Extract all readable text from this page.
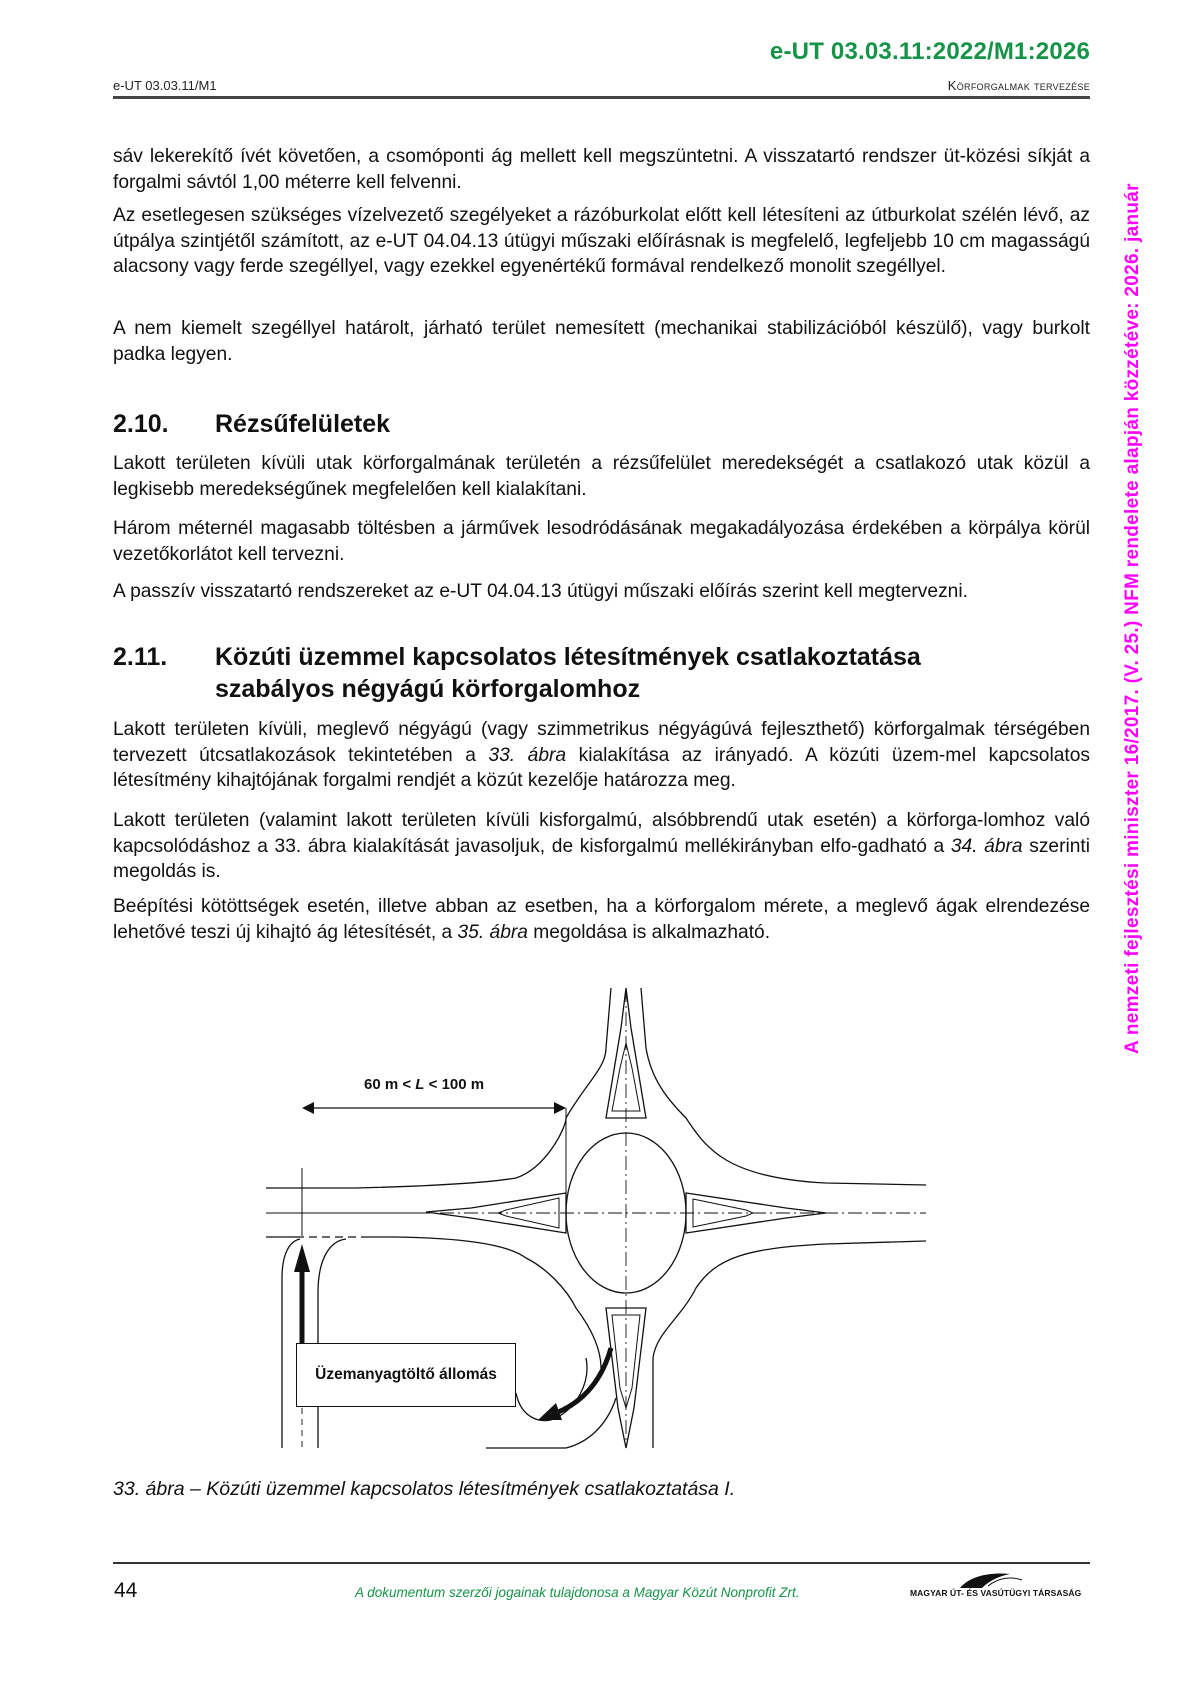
e-UT 03.03.11:2022/M1:2026
e-UT 03.03.11/M1	Körforgalmak tervezése
sáv lekerekítő ívét követően, a csomóponti ág mellett kell megszüntetni. A visszatartó rendszer üt-közési síkját a forgalmi sávtól 1,00 méterre kell felvenni.
Az esetlegesen szükséges vízelvezető szegélyeket a rázóburkolat előtt kell létesíteni az útburkolat szélén lévő, az útpálya szintjétől számított, az e-UT 04.04.13 útügyi műszaki előírásnak is megfelelő, legfeljebb 10 cm magasságú alacsony vagy ferde szegéllyel, vagy ezekkel egyenértékű formával rendelkező monolit szegéllyel.
A nem kiemelt szegéllyel határolt, járható terület nemesített (mechanikai stabilizációból készülő), vagy burkolt padka legyen.
2.10. Rézsűfelületek
Lakott területen kívüli utak körforgalmának területén a rézsűfelület meredekségét a csatlakozó utak közül a legkisebb meredekségűnek megfelelően kell kialakítani.
Három méternél magasabb töltésben a járművek lesodródásának megakadályozása érdekében a körpálya körül vezetőkorlátot kell tervezni.
A passzív visszatartó rendszereket az e-UT 04.04.13 útügyi műszaki előírás szerint kell megtervezni.
2.11. Közúti üzemmel kapcsolatos létesítmények csatlakoztatása
szabályos négyágú körforgalomhoz
Lakott területen kívüli, meglevő négyágú (vagy szimmetrikus négyágúvá fejleszthető) körforgalmak térségében tervezett útcsatlakozások tekintetében a 33. ábra kialakítása az irányadó. A közúti üzem-mel kapcsolatos létesítmény kihajtójának forgalmi rendjét a közút kezelője határozza meg.
Lakott területen (valamint lakott területen kívüli kisforgalmú, alsóbbrendű utak esetén) a körforga-lomhoz való kapcsolódáshoz a 33. ábra kialakítását javasoljuk, de kisforgalmú mellékirányban elfo-gadható a 34. ábra szerinti megoldás is.
Beépítési kötöttségek esetén, illetve abban az esetben, ha a körforgalom mérete, a meglevő ágak elrendezése lehetővé teszi új kihajtó ág létesítését, a 35. ábra megoldása is alkalmazható.
60 m < L < 100 m
Üzemanyagtöltő állomás
33. ábra – Közúti üzemmel kapcsolatos létesítmények csatlakoztatása I.
A nemzeti fejlesztési miniszter 16/2017. (V. 25.) NFM rendelete alapján közzétéve: 2026. január
44	A dokumentum szerzői jogainak tulajdonosa a Magyar Közút Nonprofit Zrt.	MAGYAR ÚT- ÉS VASÚTÜGYI TÁRSASÁG
